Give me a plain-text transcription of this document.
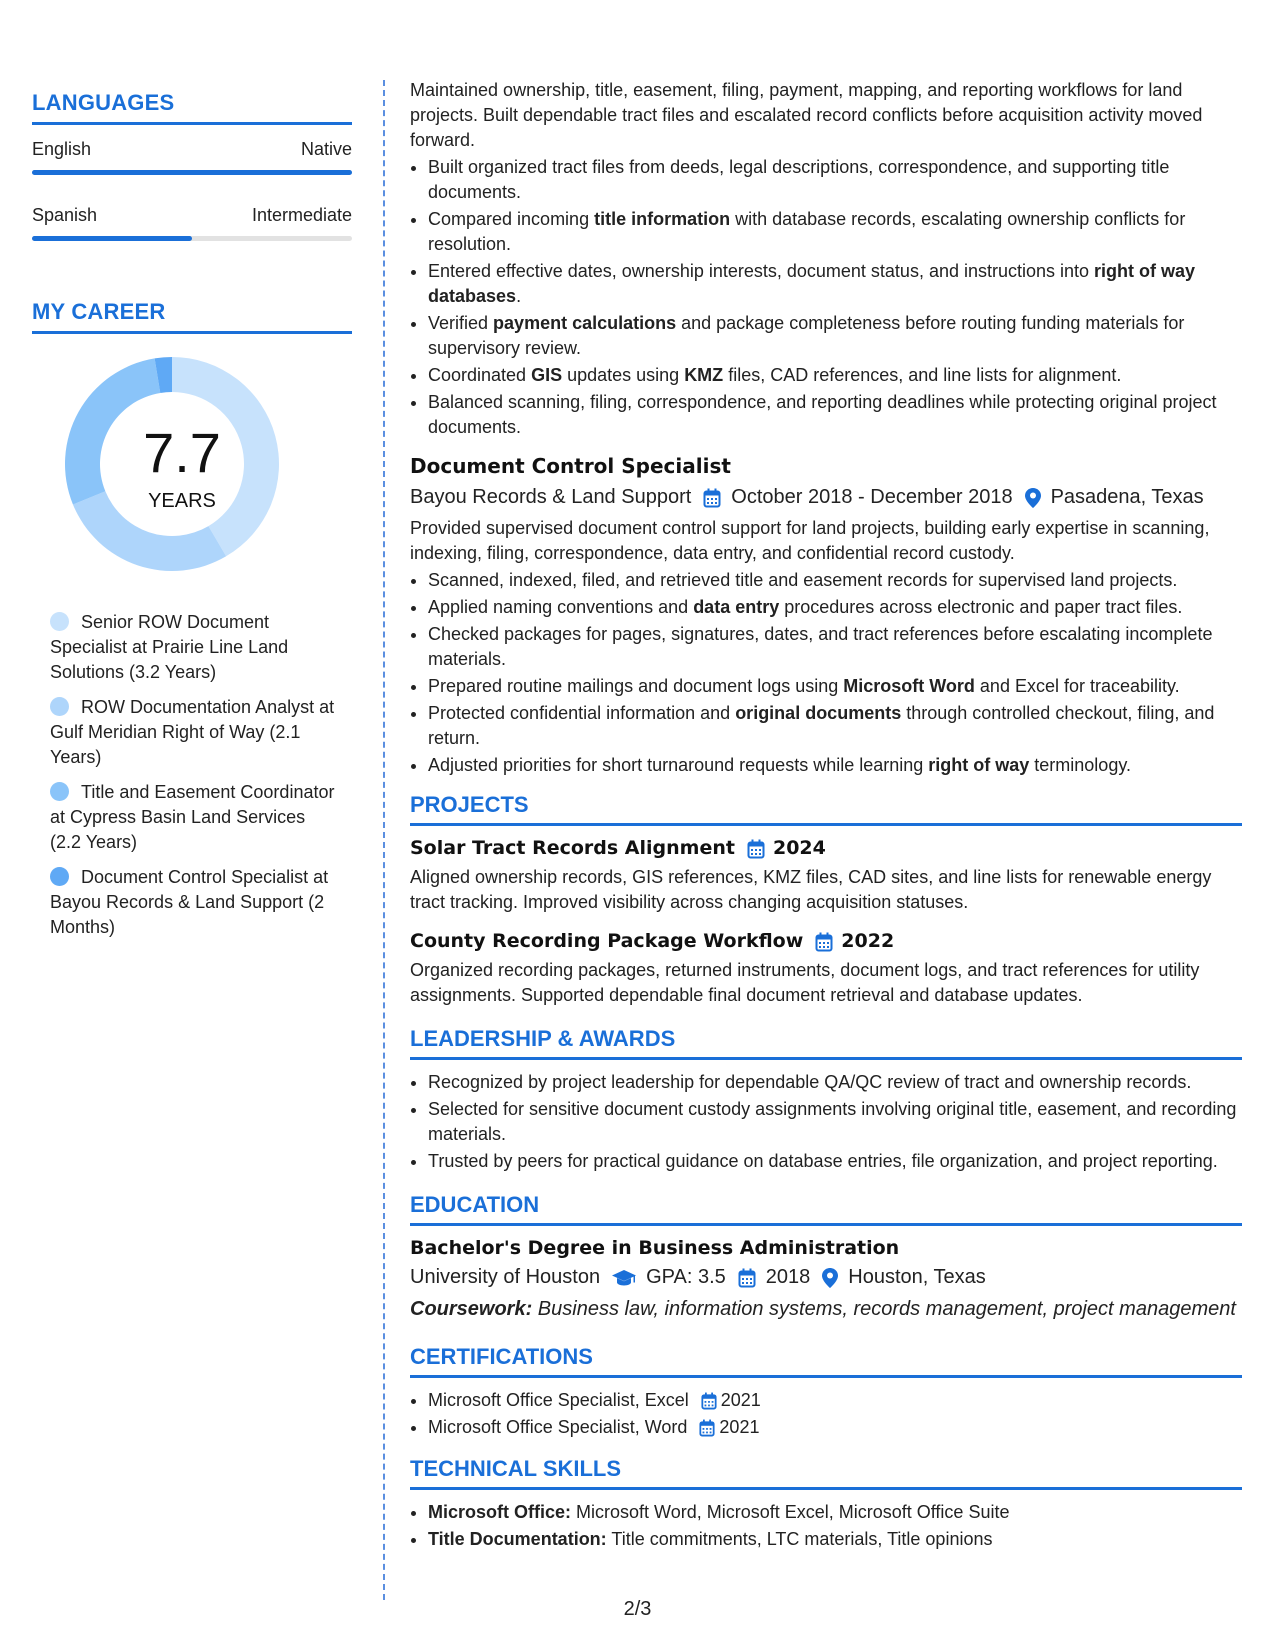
LANGUAGES
English	Native
Spanish	Intermediate
MY CAREER
7.7
YEARS
Senior ROW Document Specialist at Prairie Line Land Solutions (3.2 Years)
ROW Documentation Analyst at Gulf Meridian Right of Way (2.1 Years)
Title and Easement Coordinator at Cypress Basin Land Services (2.2 Years)
Document Control Specialist at Bayou Records & Land Support (2 Months)

Maintained ownership, title, easement, filing, payment, mapping, and reporting workflows for land projects. Built dependable tract files and escalated record conflicts before acquisition activity moved forward.

• Built organized tract files from deeds, legal descriptions, correspondence, and supporting title documents.
• Compared incoming title information with database records, escalating ownership conflicts for resolution.
• Entered effective dates, ownership interests, document status, and instructions into right of way databases.
• Verified payment calculations and package completeness before routing funding materials for supervisory review.
• Coordinated GIS updates using KMZ files, CAD references, and line lists for alignment.
• Balanced scanning, filing, correspondence, and reporting deadlines while protecting original project documents.
Document Control Specialist
Bayou Records & Land Support October 2018 - December 2018 Pasadena, Texas

Provided supervised document control support for land projects, building early expertise in scanning, indexing, filing, correspondence, data entry, and confidential record custody.

• Scanned, indexed, filed, and retrieved title and easement records for supervised land projects.
• Applied naming conventions and data entry procedures across electronic and paper tract files.
• Checked packages for pages, signatures, dates, and tract references before escalating incomplete materials.
• Prepared routine mailings and document logs using Microsoft Word and Excel for traceability.
• Protected confidential information and original documents through controlled checkout, filing, and return.
• Adjusted priorities for short turnaround requests while learning right of way terminology.
PROJECTS
Solar Tract Records Alignment 2024

Aligned ownership records, GIS references, KMZ files, CAD sites, and line lists for renewable energy tract tracking. Improved visibility across changing acquisition statuses.

County Recording Package Workflow 2022

Organized recording packages, returned instruments, document logs, and tract references for utility assignments. Supported dependable final document retrieval and database updates.

LEADERSHIP & AWARDS
• Recognized by project leadership for dependable QA/QC review of tract and ownership records.
• Selected for sensitive document custody assignments involving original title, easement, and recording materials.
• Trusted by peers for practical guidance on database entries, file organization, and project reporting.
EDUCATION
Bachelor's Degree in Business Administration
University of Houston GPA: 3.5 2018 Houston, Texas
Coursework: Business law, information systems, records management, project management
CERTIFICATIONS
• Microsoft Office Specialist, Excel 2021
• Microsoft Office Specialist, Word 2021
TECHNICAL SKILLS
• Microsoft Office: Microsoft Word, Microsoft Excel, Microsoft Office Suite
• Title Documentation: Title commitments, LTC materials, Title opinions
2/3
